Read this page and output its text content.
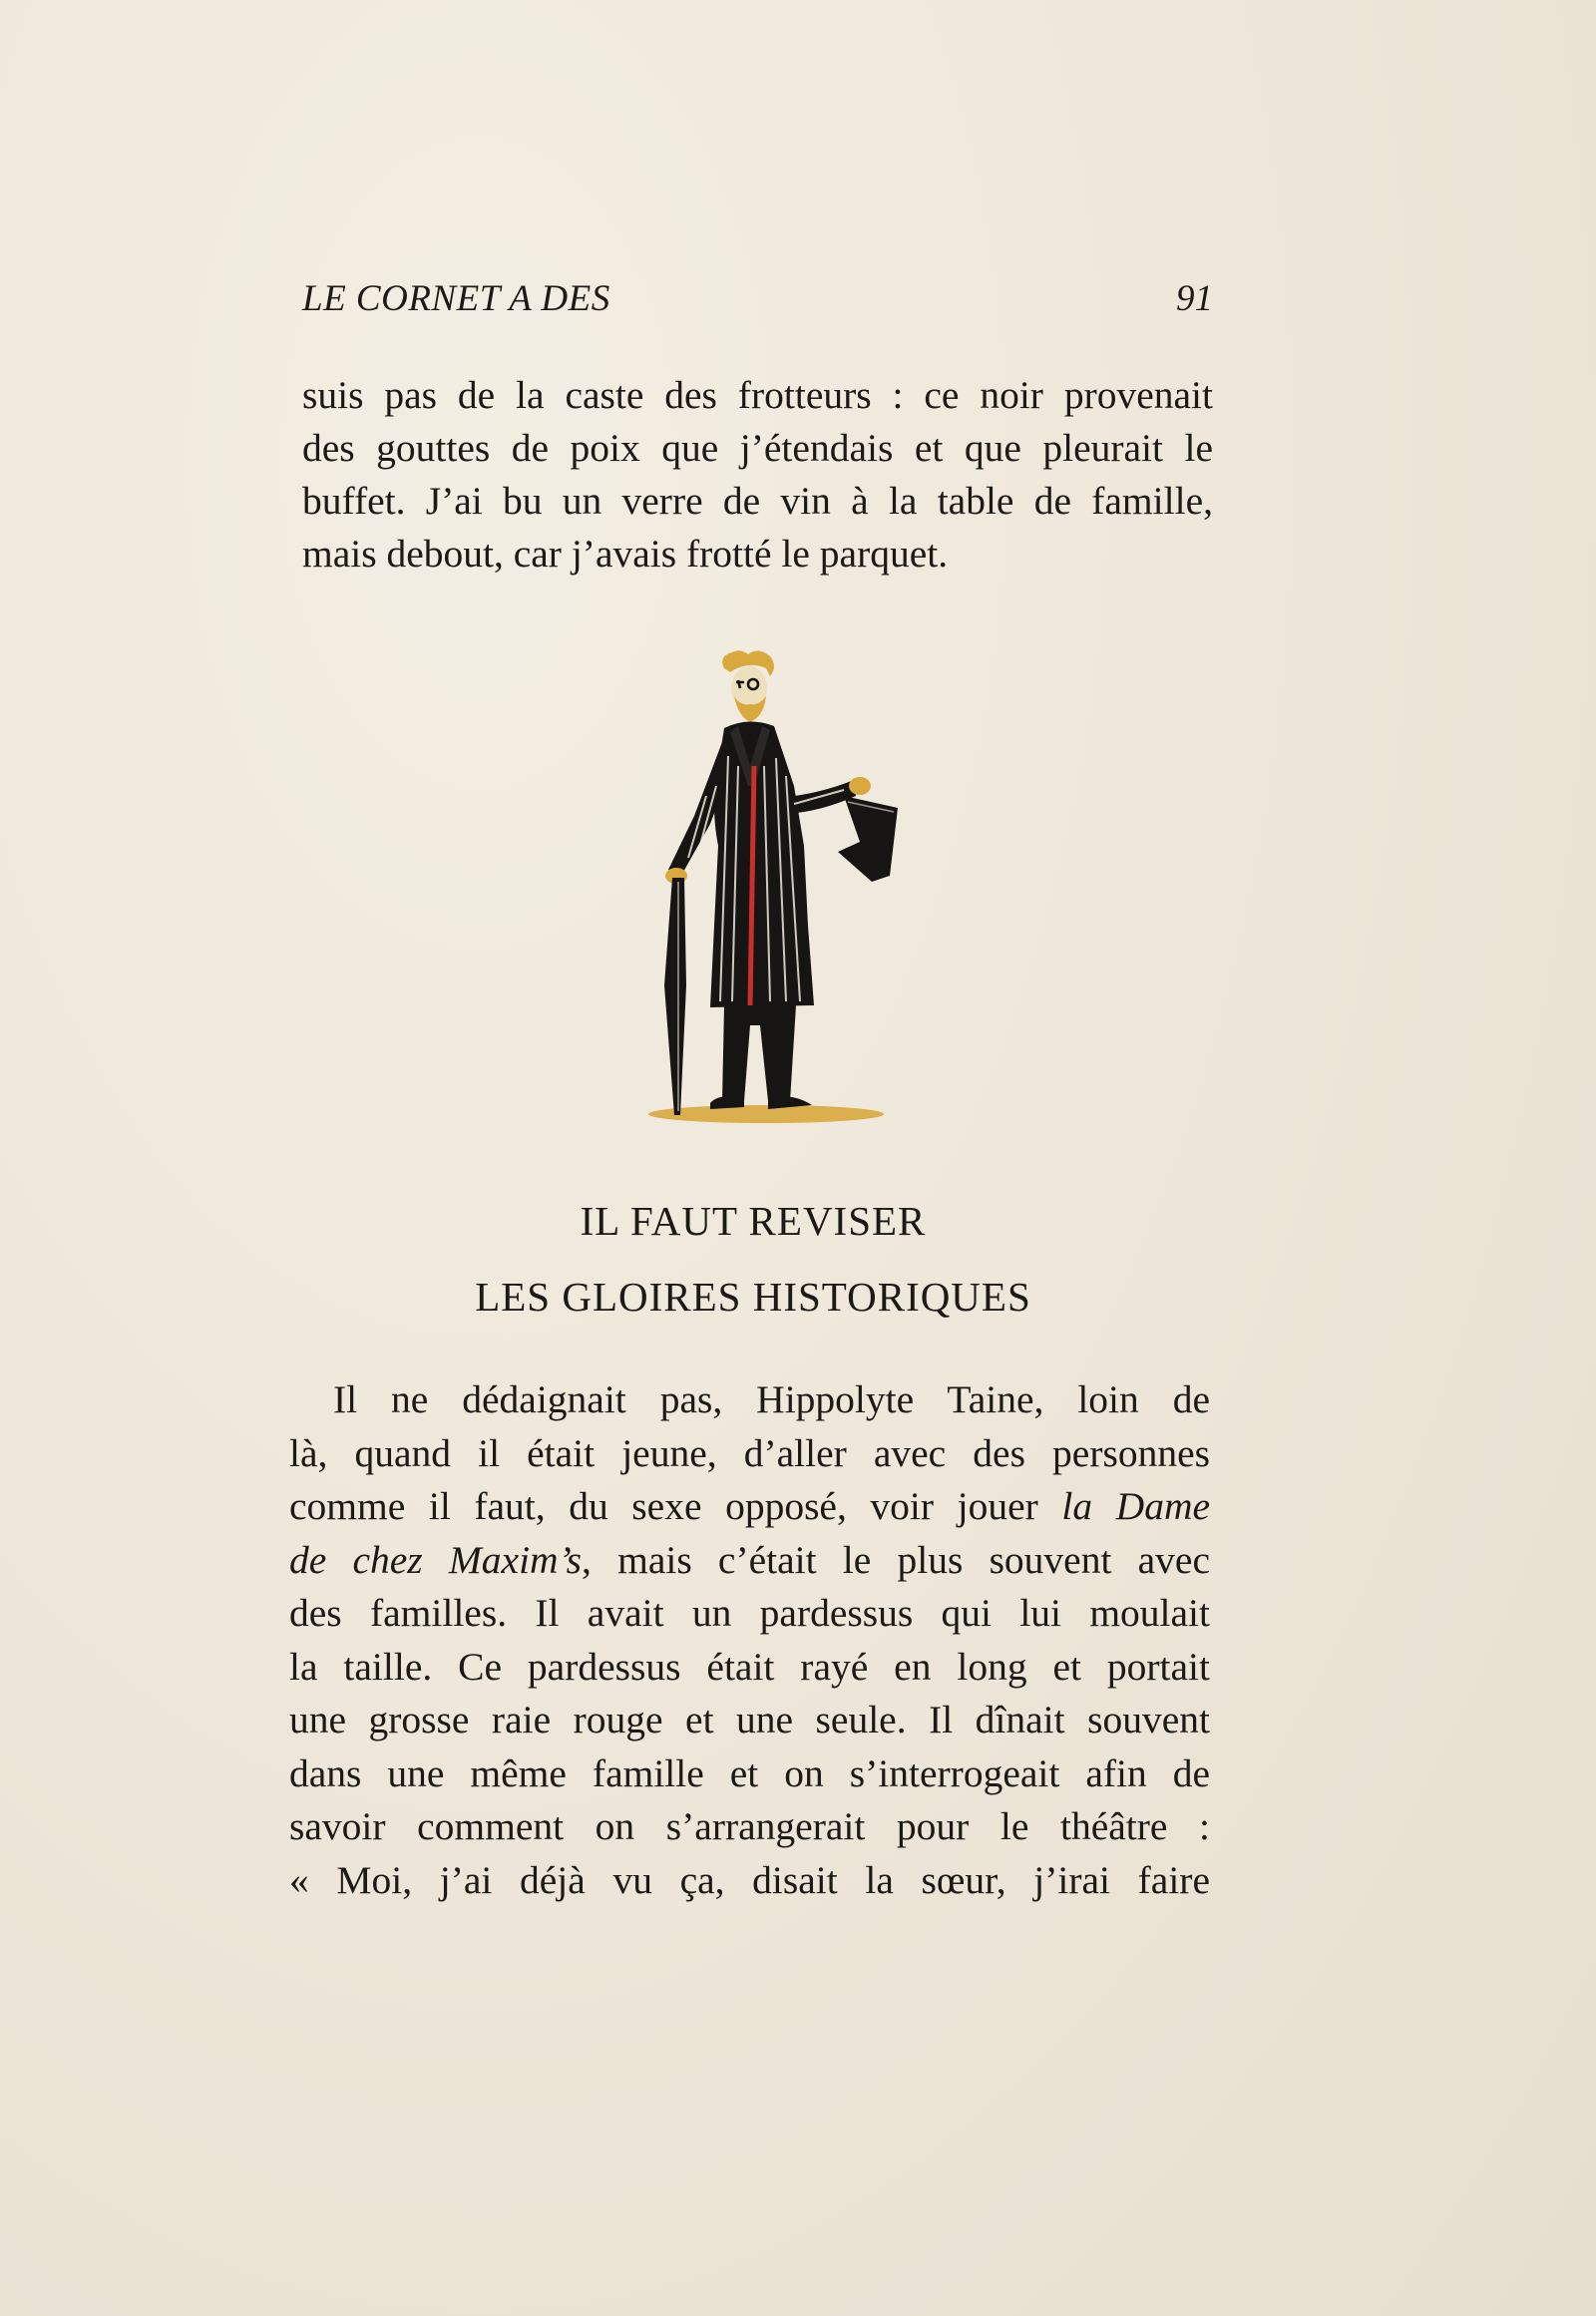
LE CORNET A DES	91
suis pas de la caste des frotteurs : ce noir provenait
des gouttes de poix que j’étendais et que pleurait le
buffet. J’ai bu un verre de vin à la table de famille,
mais debout, car j’avais frotté le parquet.
IL FAUT REVISER
LES GLOIRES HISTORIQUES
Il ne dédaignait pas, Hippolyte Taine, loin de
là, quand il était jeune, d’aller avec des personnes
comme il faut, du sexe opposé, voir jouer la Dame
de chez Maxim’s, mais c’était le plus souvent avec
des familles. Il avait un pardessus qui lui moulait
la taille. Ce pardessus était rayé en long et portait
une grosse raie rouge et une seule. Il dînait souvent
dans une même famille et on s’interrogeait afin de
savoir comment on s’arrangerait pour le théâtre :
« Moi, j’ai déjà vu ça, disait la sœur, j’irai faire
